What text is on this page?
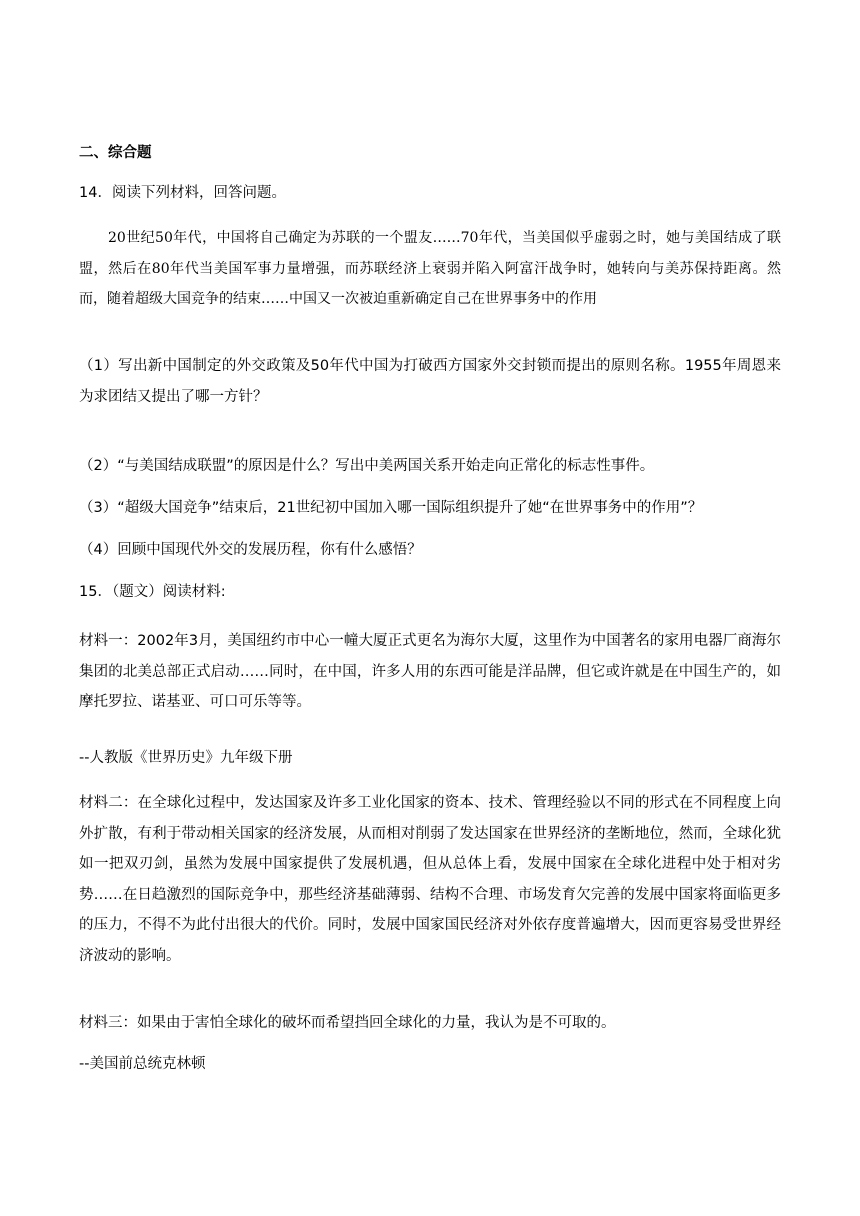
二、综合题
14．阅读下列材料，回答问题。
20世纪50年代，中国将自己确定为苏联的一个盟友……70年代，当美国似乎虚弱之时，她与美国结成了联盟，然后在80年代当美国军事力量增强，而苏联经济上衰弱并陷入阿富汗战争时，她转向与美苏保持距离。然而，随着超级大国竞争的结束……中国又一次被迫重新确定自己在世界事务中的作用
（1）写出新中国制定的外交政策及50年代中国为打破西方国家外交封锁而提出的原则名称。1955年周恩来为求团结又提出了哪一方针？
（2）“与美国结成联盟”的原因是什么？写出中美两国关系开始走向正常化的标志性事件。
（3）“超级大国竞争”结束后，21世纪初中国加入哪一国际组织提升了她“在世界事务中的作用”？
（4）回顾中国现代外交的发展历程，你有什么感悟？
15．（题文）阅读材料:
材料一：2002年3月，美国纽约市中心一幢大厦正式更名为海尔大厦，这里作为中国著名的家用电器厂商海尔集团的北美总部正式启动……同时，在中国，许多人用的东西可能是洋品牌，但它或许就是在中国生产的，如摩托罗拉、诺基亚、可口可乐等等。
--人教版《世界历史》九年级下册
材料二：在全球化过程中，发达国家及许多工业化国家的资本、技术、管理经验以不同的形式在不同程度上向外扩散，有利于带动相关国家的经济发展，从而相对削弱了发达国家在世界经济的垄断地位，然而，全球化犹如一把双刃剑，虽然为发展中国家提供了发展机遇，但从总体上看，发展中国家在全球化进程中处于相对劣势……在日趋激烈的国际竞争中，那些经济基础薄弱、结构不合理、市场发育欠完善的发展中国家将面临更多的压力，不得不为此付出很大的代价。同时，发展中国家国民经济对外依存度普遍增大，因而更容易受世界经济波动的影响。
材料三：如果由于害怕全球化的破坏而希望挡回全球化的力量，我认为是不可取的。
--美国前总统克林顿
